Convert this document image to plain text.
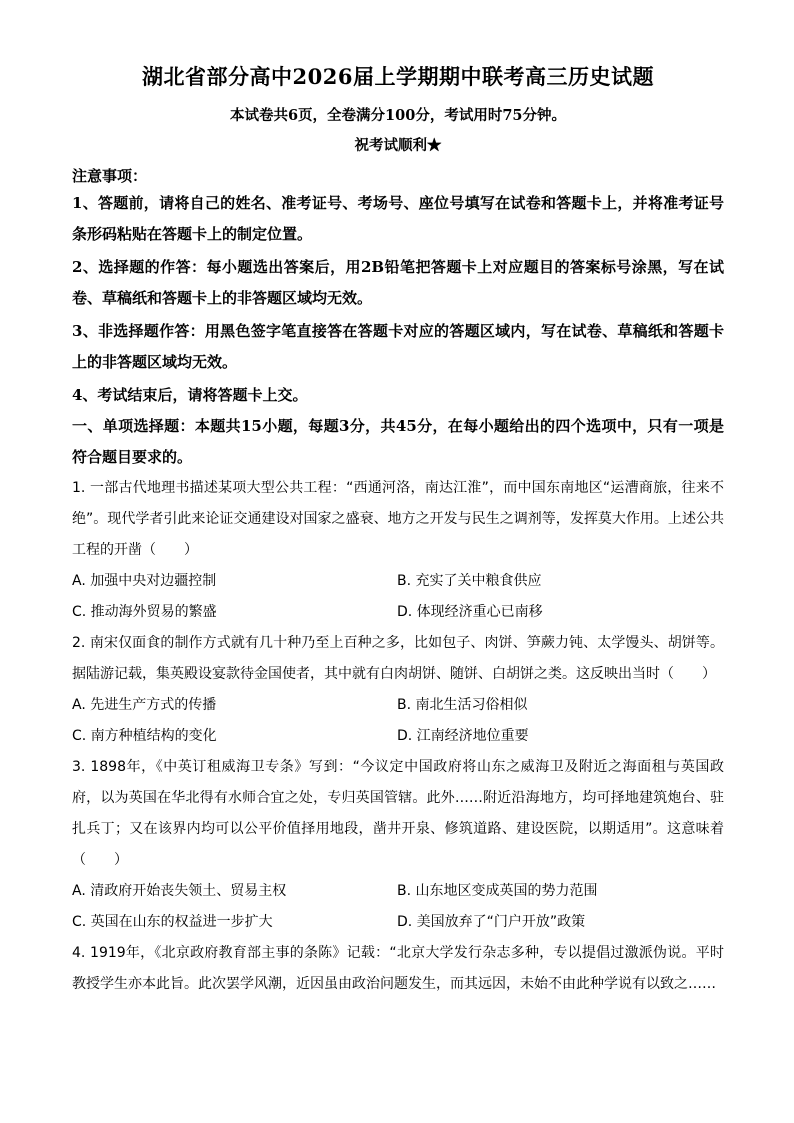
湖北省部分高中2026届上学期期中联考高三历史试题
本试卷共6页，全卷满分100分，考试用时75分钟。
祝考试顺利★
注意事项：
1、答题前，请将自己的姓名、准考证号、考场号、座位号填写在试卷和答题卡上，并将准考证号条形码粘贴在答题卡上的制定位置。
2、选择题的作答：每小题选出答案后，用2B铅笔把答题卡上对应题目的答案标号涂黑，写在试卷、草稿纸和答题卡上的非答题区域均无效。
3、非选择题作答：用黑色签字笔直接答在答题卡对应的答题区域内，写在试卷、草稿纸和答题卡上的非答题区域均无效。
4、考试结束后，请将答题卡上交。
一、单项选择题：本题共15小题，每题3分，共45分，在每小题给出的四个选项中，只有一项是符合题目要求的。
1. 一部古代地理书描述某项大型公共工程：“西通河洛，南达江淮”，而中国东南地区“运漕商旅，往来不绝”。现代学者引此来论证交通建设对国家之盛衰、地方之开发与民生之调剂等，发挥莫大作用。上述公共工程的开凿（　　）
A. 加强中央对边疆控制	B. 充实了关中粮食供应
C. 推动海外贸易的繁盛	D. 体现经济重心已南移
2. 南宋仅面食的制作方式就有几十种乃至上百种之多，比如包子、肉饼、笋蕨力钝、太学馒头、胡饼等。据陆游记载，集英殿设宴款待金国使者，其中就有白肉胡饼、随饼、白胡饼之类。这反映出当时（　　）
A. 先进生产方式的传播	B. 南北生活习俗相似
C. 南方种植结构的变化	D. 江南经济地位重要
3. 1898年，《中英订租威海卫专条》写到：“今议定中国政府将山东之威海卫及附近之海面租与英国政府，以为英国在华北得有水师合宜之处，专归英国管辖。此外……附近沿海地方，均可择地建筑炮台、驻扎兵丁；又在该界内均可以公平价值择用地段，凿井开泉、修筑道路、建设医院，以期适用”。这意味着（　　）
A. 清政府开始丧失领土、贸易主权	B. 山东地区变成英国的势力范围
C. 英国在山东的权益进一步扩大	D. 美国放弃了“门户开放”政策
4. 1919年，《北京政府教育部主事的条陈》记载：“北京大学发行杂志多种，专以提倡过激派伪说。平时教授学生亦本此旨。此次罢学风潮，近因虽由政治问题发生，而其远因，未始不由此种学说有以致之……
